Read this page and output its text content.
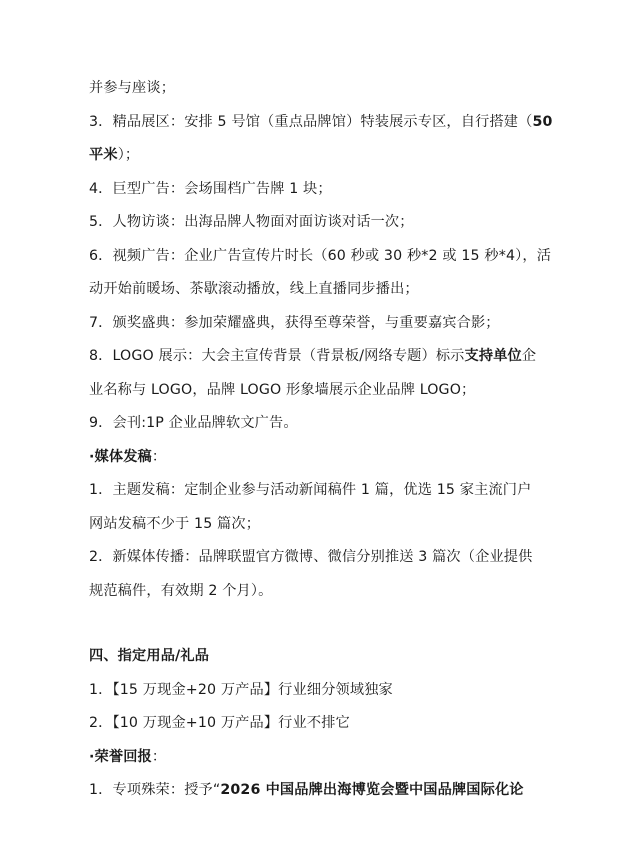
并参与座谈；
3．精品展区：安排 5 号馆（重点品牌馆）特装展示专区，自行搭建（50
平米）；
4．巨型广告：会场围档广告牌 1 块；
5．人物访谈：出海品牌人物面对面访谈对话一次；
6．视频广告：企业广告宣传片时长（60 秒或 30 秒*2 或 15 秒*4），活
动开始前暖场、茶歇滚动播放，线上直播同步播出；
7．颁奖盛典：参加荣耀盛典，获得至尊荣誉，与重要嘉宾合影；
8．LOGO 展示：大会主宣传背景（背景板/网络专题）标示支持单位企
业名称与 LOGO，品牌 LOGO 形象墙展示企业品牌 LOGO；
9．会刊:1P 企业品牌软文广告。
·媒体发稿：
1．主题发稿：定制企业参与活动新闻稿件 1 篇，优选 15 家主流门户
网站发稿不少于 15 篇次；
2．新媒体传播：品牌联盟官方微博、微信分别推送 3 篇次（企业提供
规范稿件，有效期 2 个月）。
四、指定用品/礼品
1．【15 万现金+20 万产品】行业细分领域独家
2．【10 万现金+10 万产品】行业不排它
·荣誉回报：
1．专项殊荣：授予“2026 中国品牌出海博览会暨中国品牌国际化论
